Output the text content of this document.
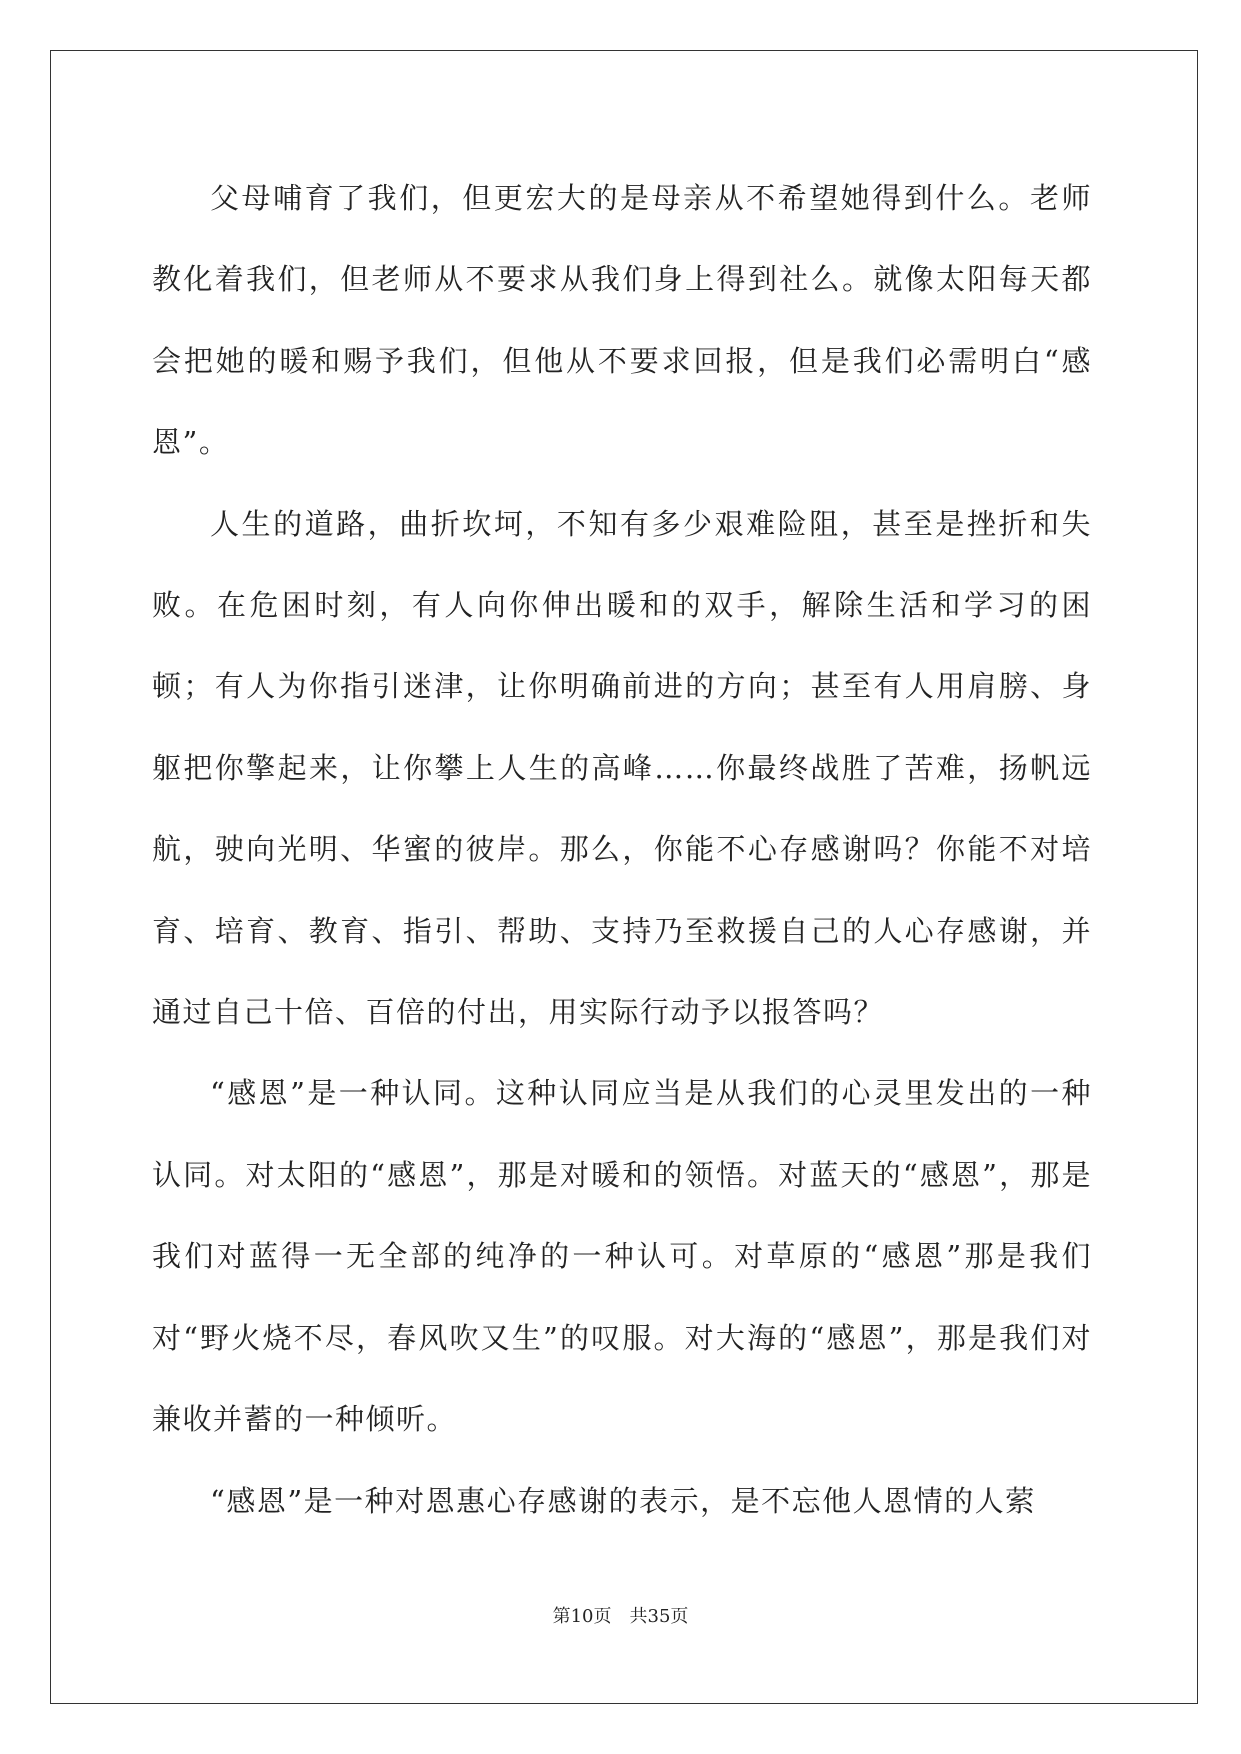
父母哺育了我们，但更宏大的是母亲从不希望她得到什么。老师教化着我们，但老师从不要求从我们身上得到社么。就像太阳每天都会把她的暖和赐予我们，但他从不要求回报，但是我们必需明白“感恩”。

人生的道路，曲折坎坷，不知有多少艰难险阻，甚至是挫折和失败。在危困时刻，有人向你伸出暖和的双手，解除生活和学习的困顿；有人为你指引迷津，让你明确前进的方向；甚至有人用肩膀、身躯把你擎起来，让你攀上人生的高峰……你最终战胜了苦难，扬帆远航，驶向光明、华蜜的彼岸。那么，你能不心存感谢吗？你能不对培育、培育、教育、指引、帮助、支持乃至救援自己的人心存感谢，并通过自己十倍、百倍的付出，用实际行动予以报答吗？

“感恩”是一种认同。这种认同应当是从我们的心灵里发出的一种认同。对太阳的“感恩”，那是对暖和的领悟。对蓝天的“感恩”，那是我们对蓝得一无全部的纯净的一种认可。对草原的“感恩”那是我们对“野火烧不尽，春风吹又生”的叹服。对大海的“感恩”，那是我们对兼收并蓄的一种倾听。

“感恩”是一种对恩惠心存感谢的表示，是不忘他人恩情的人萦

第10页　共35页
